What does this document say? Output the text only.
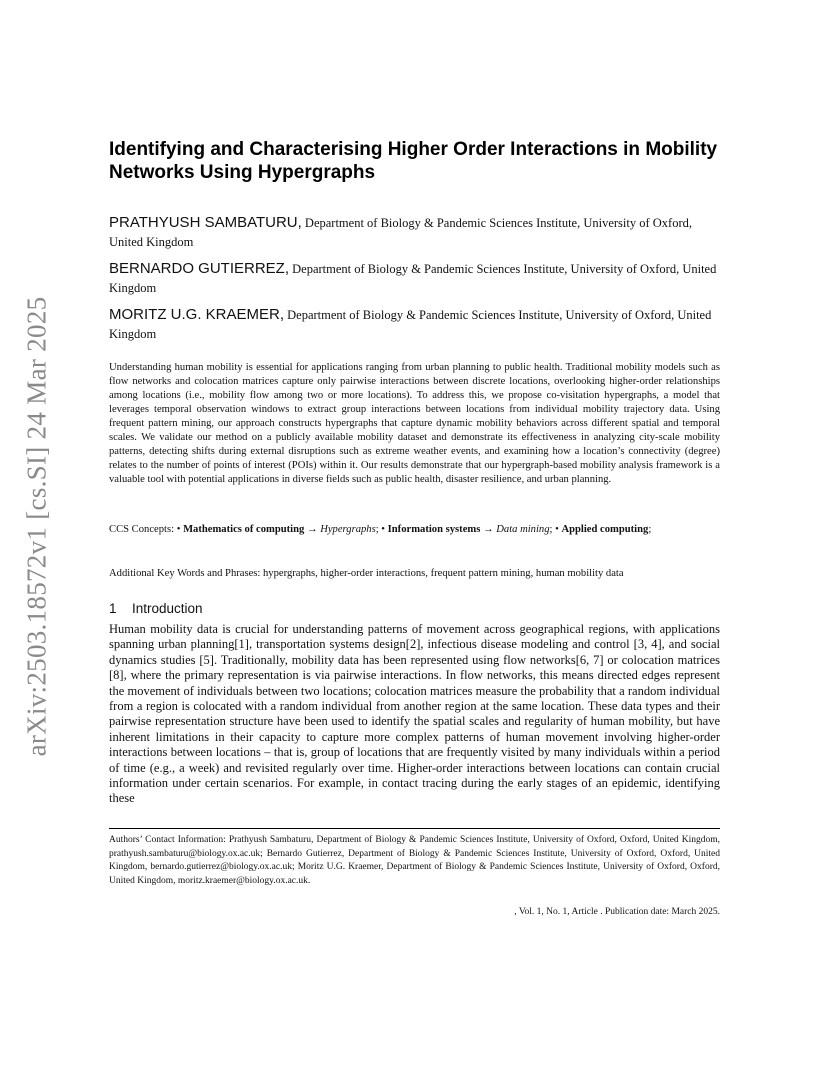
arXiv:2503.18572v1 [cs.SI] 24 Mar 2025
Identifying and Characterising Higher Order Interactions in Mobility Networks Using Hypergraphs
PRATHYUSH SAMBATURU, Department of Biology & Pandemic Sciences Institute, University of Oxford, United Kingdom
BERNARDO GUTIERREZ, Department of Biology & Pandemic Sciences Institute, University of Oxford, United Kingdom
MORITZ U.G. KRAEMER, Department of Biology & Pandemic Sciences Institute, University of Oxford, United Kingdom

Understanding human mobility is essential for applications ranging from urban planning to public health. Traditional mobility models such as flow networks and colocation matrices capture only pairwise interactions between discrete locations, overlooking higher-order relationships among locations (i.e., mobility flow among two or more locations). To address this, we propose co-visitation hypergraphs, a model that leverages temporal observation windows to extract group interactions between locations from individual mobility trajectory data. Using frequent pattern mining, our approach constructs hypergraphs that capture dynamic mobility behaviors across different spatial and temporal scales. We validate our method on a publicly available mobility dataset and demonstrate its effectiveness in analyzing city-scale mobility patterns, detecting shifts during external disruptions such as extreme weather events, and examining how a location’s connectivity (degree) relates to the number of points of interest (POIs) within it. Our results demonstrate that our hypergraph-based mobility analysis framework is a valuable tool with potential applications in diverse fields such as public health, disaster resilience, and urban planning.

CCS Concepts: • Mathematics of computing → Hypergraphs; • Information systems → Data mining; • Applied computing;

Additional Key Words and Phrases: hypergraphs, higher-order interactions, frequent pattern mining, human mobility data

1 Introduction

Human mobility data is crucial for understanding patterns of movement across geographical regions, with applications spanning urban planning[1], transportation systems design[2], infectious disease modeling and control [3, 4], and social dynamics studies [5]. Traditionally, mobility data has been represented using flow networks[6, 7] or colocation matrices [8], where the primary representation is via pairwise interactions. In flow networks, this means directed edges represent the movement of individuals between two locations; colocation matrices measure the probability that a random individual from a region is colocated with a random individual from another region at the same location. These data types and their pairwise representation structure have been used to identify the spatial scales and regularity of human mobility, but have inherent limitations in their capacity to capture more complex patterns of human movement involving higher-order interactions between locations – that is, group of locations that are frequently visited by many individuals within a period of time (e.g., a week) and revisited regularly over time. Higher-order interactions between locations can contain crucial information under certain scenarios. For example, in contact tracing during the early stages of an epidemic, identifying these

Authors’ Contact Information: Prathyush Sambaturu, Department of Biology & Pandemic Sciences Institute, University of Oxford, Oxford, United Kingdom, prathyush.sambaturu@biology.ox.ac.uk; Bernardo Gutierrez, Department of Biology & Pandemic Sciences Institute, University of Oxford, Oxford, United Kingdom, bernardo.gutierrez@biology.ox.ac.uk; Moritz U.G. Kraemer, Department of Biology & Pandemic Sciences Institute, University of Oxford, Oxford, United Kingdom, moritz.kraemer@biology.ox.ac.uk.

, Vol. 1, No. 1, Article . Publication date: March 2025.
